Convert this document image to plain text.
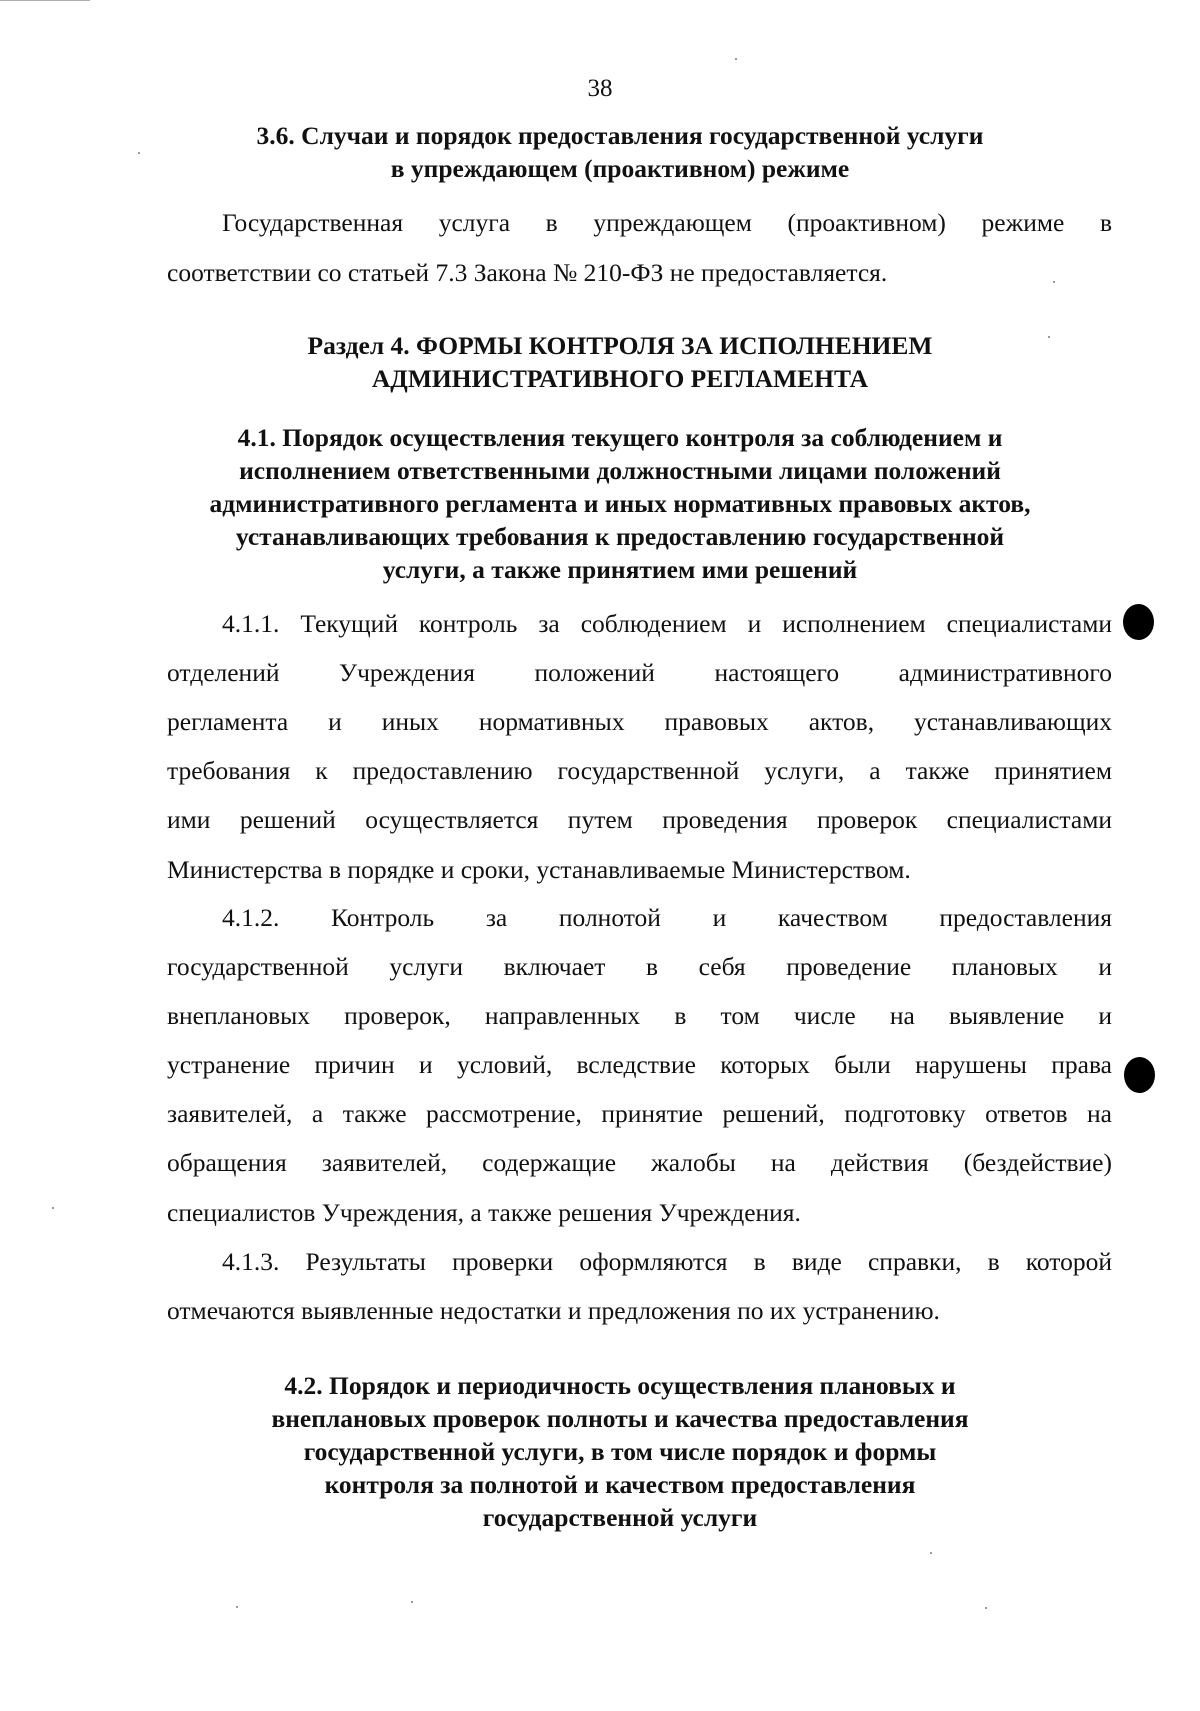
38
3.6. Случаи и порядок предоставления государственной услуги
в упреждающем (проактивном) режиме
Государственная услуга в упреждающем (проактивном) режиме в
соответствии со статьей 7.3 Закона № 210-ФЗ не предоставляется.
Раздел 4. ФОРМЫ КОНТРОЛЯ ЗА ИСПОЛНЕНИЕМ
АДМИНИСТРАТИВНОГО РЕГЛАМЕНТА
4.1. Порядок осуществления текущего контроля за соблюдением и
исполнением ответственными должностными лицами положений
административного регламента и иных нормативных правовых актов,
устанавливающих требования к предоставлению государственной
услуги, а также принятием ими решений
4.1.1. Текущий контроль за соблюдением и исполнением специалистами
отделений Учреждения положений настоящего административного
регламента и иных нормативных правовых актов, устанавливающих
требования к предоставлению государственной услуги, а также принятием
ими решений осуществляется путем проведения проверок специалистами
Министерства в порядке и сроки, устанавливаемые Министерством.
4.1.2. Контроль за полнотой и качеством предоставления
государственной услуги включает в себя проведение плановых и
внеплановых проверок, направленных в том числе на выявление и
устранение причин и условий, вследствие которых были нарушены права
заявителей, а также рассмотрение, принятие решений, подготовку ответов на
обращения заявителей, содержащие жалобы на действия (бездействие)
специалистов Учреждения, а также решения Учреждения.
4.1.3. Результаты проверки оформляются в виде справки, в которой
отмечаются выявленные недостатки и предложения по их устранению.
4.2. Порядок и периодичность осуществления плановых и
внеплановых проверок полноты и качества предоставления
государственной услуги, в том числе порядок и формы
контроля за полнотой и качеством предоставления
государственной услуги
